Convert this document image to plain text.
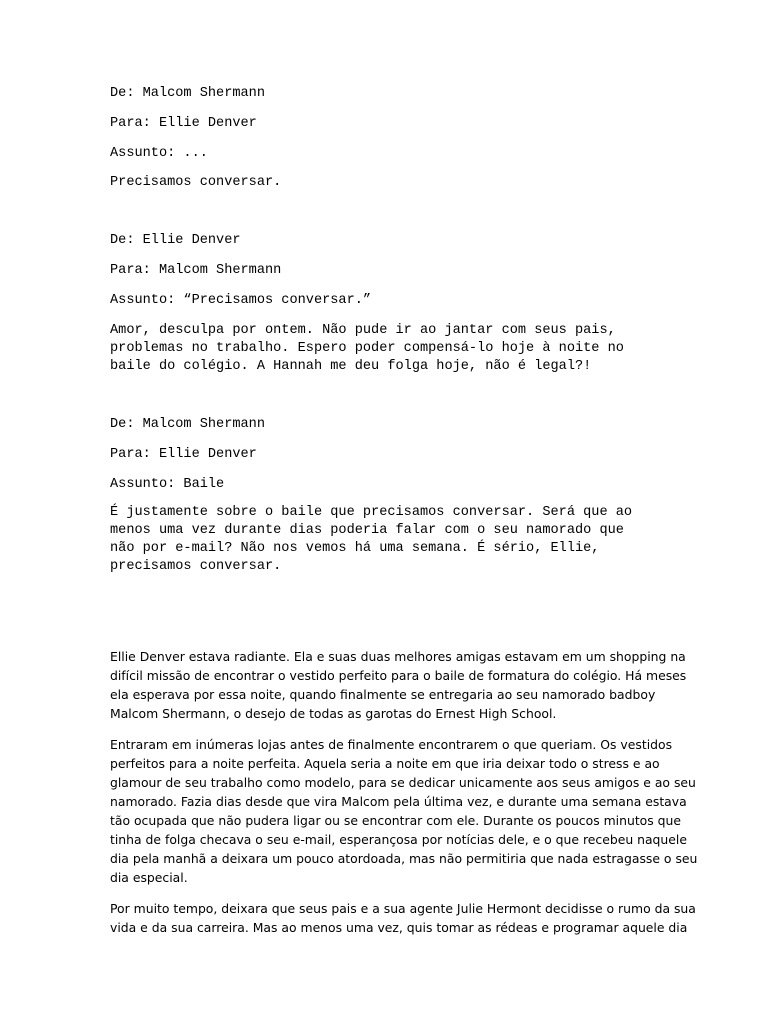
De: Malcom Shermann
Para: Ellie Denver
Assunto: ...
Precisamos conversar.
De: Ellie Denver
Para: Malcom Shermann
Assunto: “Precisamos conversar.”
Amor, desculpa por ontem. Não pude ir ao jantar com seus pais,
problemas no trabalho. Espero poder compensá-lo hoje à noite no
baile do colégio. A Hannah me deu folga hoje, não é legal?!
De: Malcom Shermann
Para: Ellie Denver
Assunto: Baile
É justamente sobre o baile que precisamos conversar. Será que ao
menos uma vez durante dias poderia falar com o seu namorado que
não por e-mail? Não nos vemos há uma semana. É sério, Ellie,
precisamos conversar.
Ellie Denver estava radiante. Ela e suas duas melhores amigas estavam em um shopping na
difícil missão de encontrar o vestido perfeito para o baile de formatura do colégio. Há meses
ela esperava por essa noite, quando finalmente se entregaria ao seu namorado badboy
Malcom Shermann, o desejo de todas as garotas do Ernest High School.
Entraram em inúmeras lojas antes de finalmente encontrarem o que queriam. Os vestidos
perfeitos para a noite perfeita. Aquela seria a noite em que iria deixar todo o stress e ao
glamour de seu trabalho como modelo, para se dedicar unicamente aos seus amigos e ao seu
namorado. Fazia dias desde que vira Malcom pela última vez, e durante uma semana estava
tão ocupada que não pudera ligar ou se encontrar com ele. Durante os poucos minutos que
tinha de folga checava o seu e-mail, esperançosa por notícias dele, e o que recebeu naquele
dia pela manhã a deixara um pouco atordoada, mas não permitiria que nada estragasse o seu
dia especial.
Por muito tempo, deixara que seus pais e a sua agente Julie Hermont decidisse o rumo da sua
vida e da sua carreira. Mas ao menos uma vez, quis tomar as rédeas e programar aquele dia
